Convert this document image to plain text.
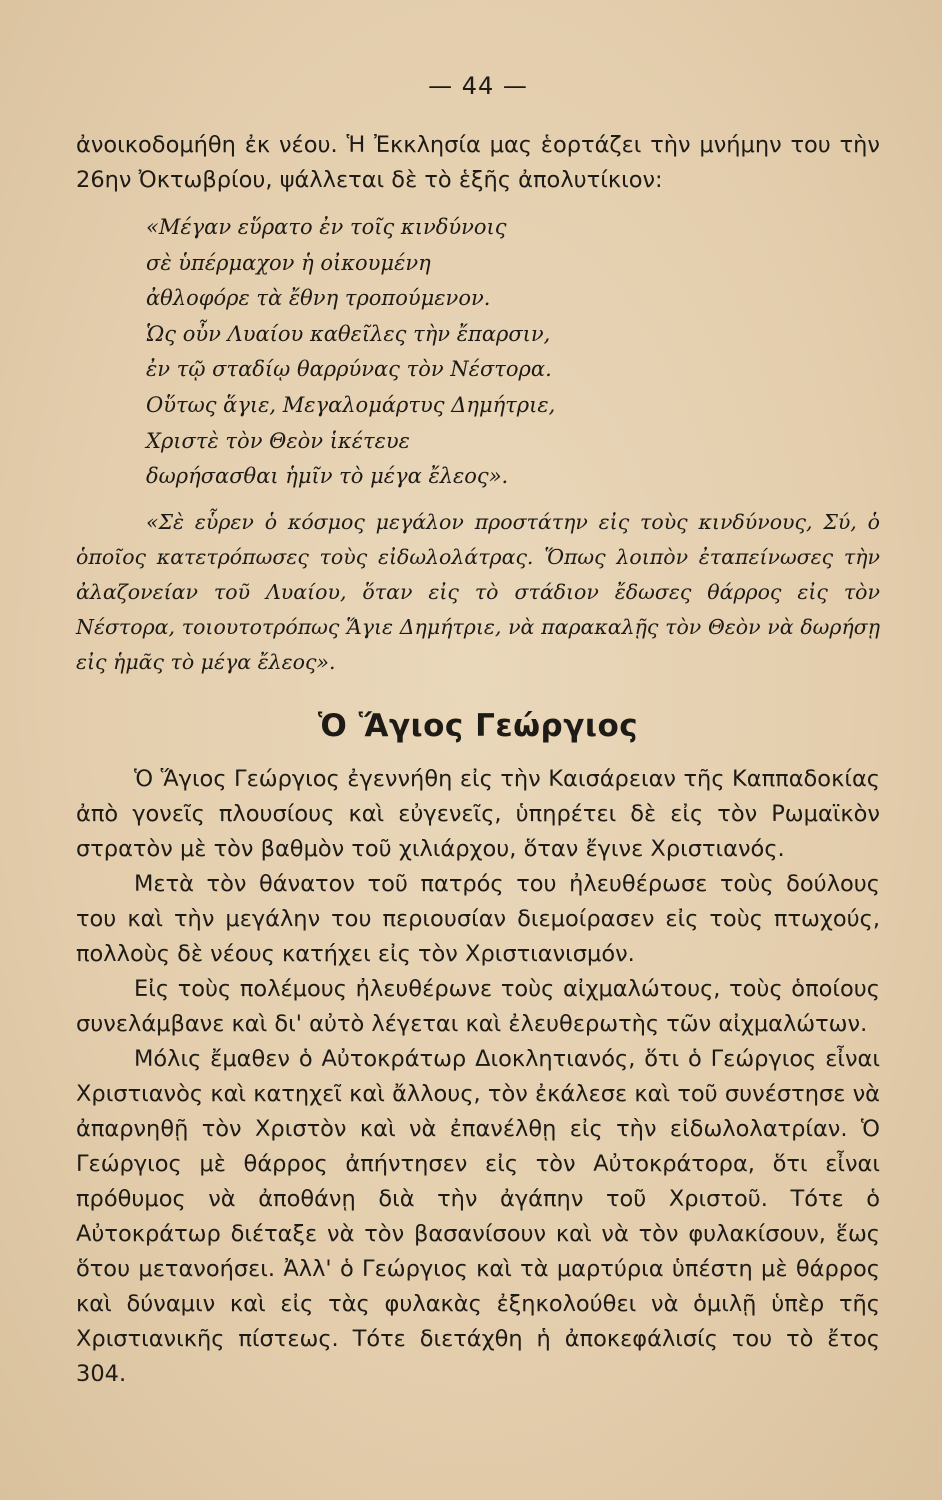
— 44 —

ἀνοικοδομήθη ἐκ νέου. Ἡ Ἐκκλησία μας ἑορτάζει τὴν μνήμην του τὴν 26ην Ὀκτωβρίου, ψάλλεται δὲ τὸ ἑξῆς ἀπολυτίκιον:

«Μέγαν εὕρατο ἐν τοῖς κινδύνοις
σὲ ὑπέρμαχον ἡ οἰκουμένη
ἀθλοφόρε τὰ ἔθνη τροπούμενον.
Ὡς οὖν Λυαίου καθεῖλες τὴν ἔπαρσιν,
ἐν τῷ σταδίῳ θαρρύνας τὸν Νέστορα.
Οὕτως ἅγιε, Μεγαλομάρτυς Δημήτριε,
Χριστὲ τὸν Θεὸν ἱκέτευε
δωρήσασθαι ἡμῖν τὸ μέγα ἔλεος».

«Σὲ εὗρεν ὁ κόσμος μεγάλον προστάτην εἰς τοὺς κινδύνους, Σύ, ὁ ὁποῖος κατετρόπωσες τοὺς εἰδωλολάτρας. Ὅπως λοιπὸν ἐταπείνωσες τὴν ἀλαζονείαν τοῦ Λυαίου, ὅταν εἰς τὸ στάδιον ἔδωσες θάρρος εἰς τὸν Νέστορα, τοιουτοτρόπως Ἅγιε Δημήτριε, νὰ παρακαλῇς τὸν Θεὸν νὰ δωρήσῃ εἰς ἡμᾶς τὸ μέγα ἔλεος».

Ὁ Ἅγιος Γεώργιος

Ὁ Ἅγιος Γεώργιος ἐγεννήθη εἰς τὴν Καισάρειαν τῆς Καππαδοκίας ἀπὸ γονεῖς πλουσίους καὶ εὐγενεῖς, ὑπηρέτει δὲ εἰς τὸν Ρωμαϊκὸν στρατὸν μὲ τὸν βαθμὸν τοῦ χιλιάρχου, ὅταν ἔγινε Χριστιανός.

Μετὰ τὸν θάνατον τοῦ πατρός του ἠλευθέρωσε τοὺς δούλους του καὶ τὴν μεγάλην του περιουσίαν διεμοίρασεν εἰς τοὺς πτωχούς, πολλοὺς δὲ νέους κατήχει εἰς τὸν Χριστιανισμόν.

Εἰς τοὺς πολέμους ἠλευθέρωνε τοὺς αἰχμαλώτους, τοὺς ὁποίους συνελάμβανε καὶ δι' αὐτὸ λέγεται καὶ ἐλευθερωτὴς τῶν αἰχμαλώτων.

Μόλις ἔμαθεν ὁ Αὐτοκράτωρ Διοκλητιανός, ὅτι ὁ Γεώργιος εἶναι Χριστιανὸς καὶ κατηχεῖ καὶ ἄλλους, τὸν ἐκάλεσε καὶ τοῦ συνέστησε νὰ ἀπαρνηθῇ τὸν Χριστὸν καὶ νὰ ἐπανέλθῃ εἰς τὴν εἰδωλολατρίαν. Ὁ Γεώργιος μὲ θάρρος ἀπήντησεν εἰς τὸν Αὐτοκράτορα, ὅτι εἶναι πρόθυμος νὰ ἀποθάνῃ διὰ τὴν ἀγάπην τοῦ Χριστοῦ. Τότε ὁ Αὐτοκράτωρ διέταξε νὰ τὸν βασανίσουν καὶ νὰ τὸν φυλακίσουν, ἕως ὅτου μετανοήσει. Ἀλλ' ὁ Γεώργιος καὶ τὰ μαρτύρια ὑπέστη μὲ θάρρος καὶ δύναμιν καὶ εἰς τὰς φυλακὰς ἐξηκολούθει νὰ ὁμιλῇ ὑπὲρ τῆς Χριστιανικῆς πίστεως. Τότε διετάχθη ἡ ἀποκεφάλισίς του τὸ ἔτος 304.
